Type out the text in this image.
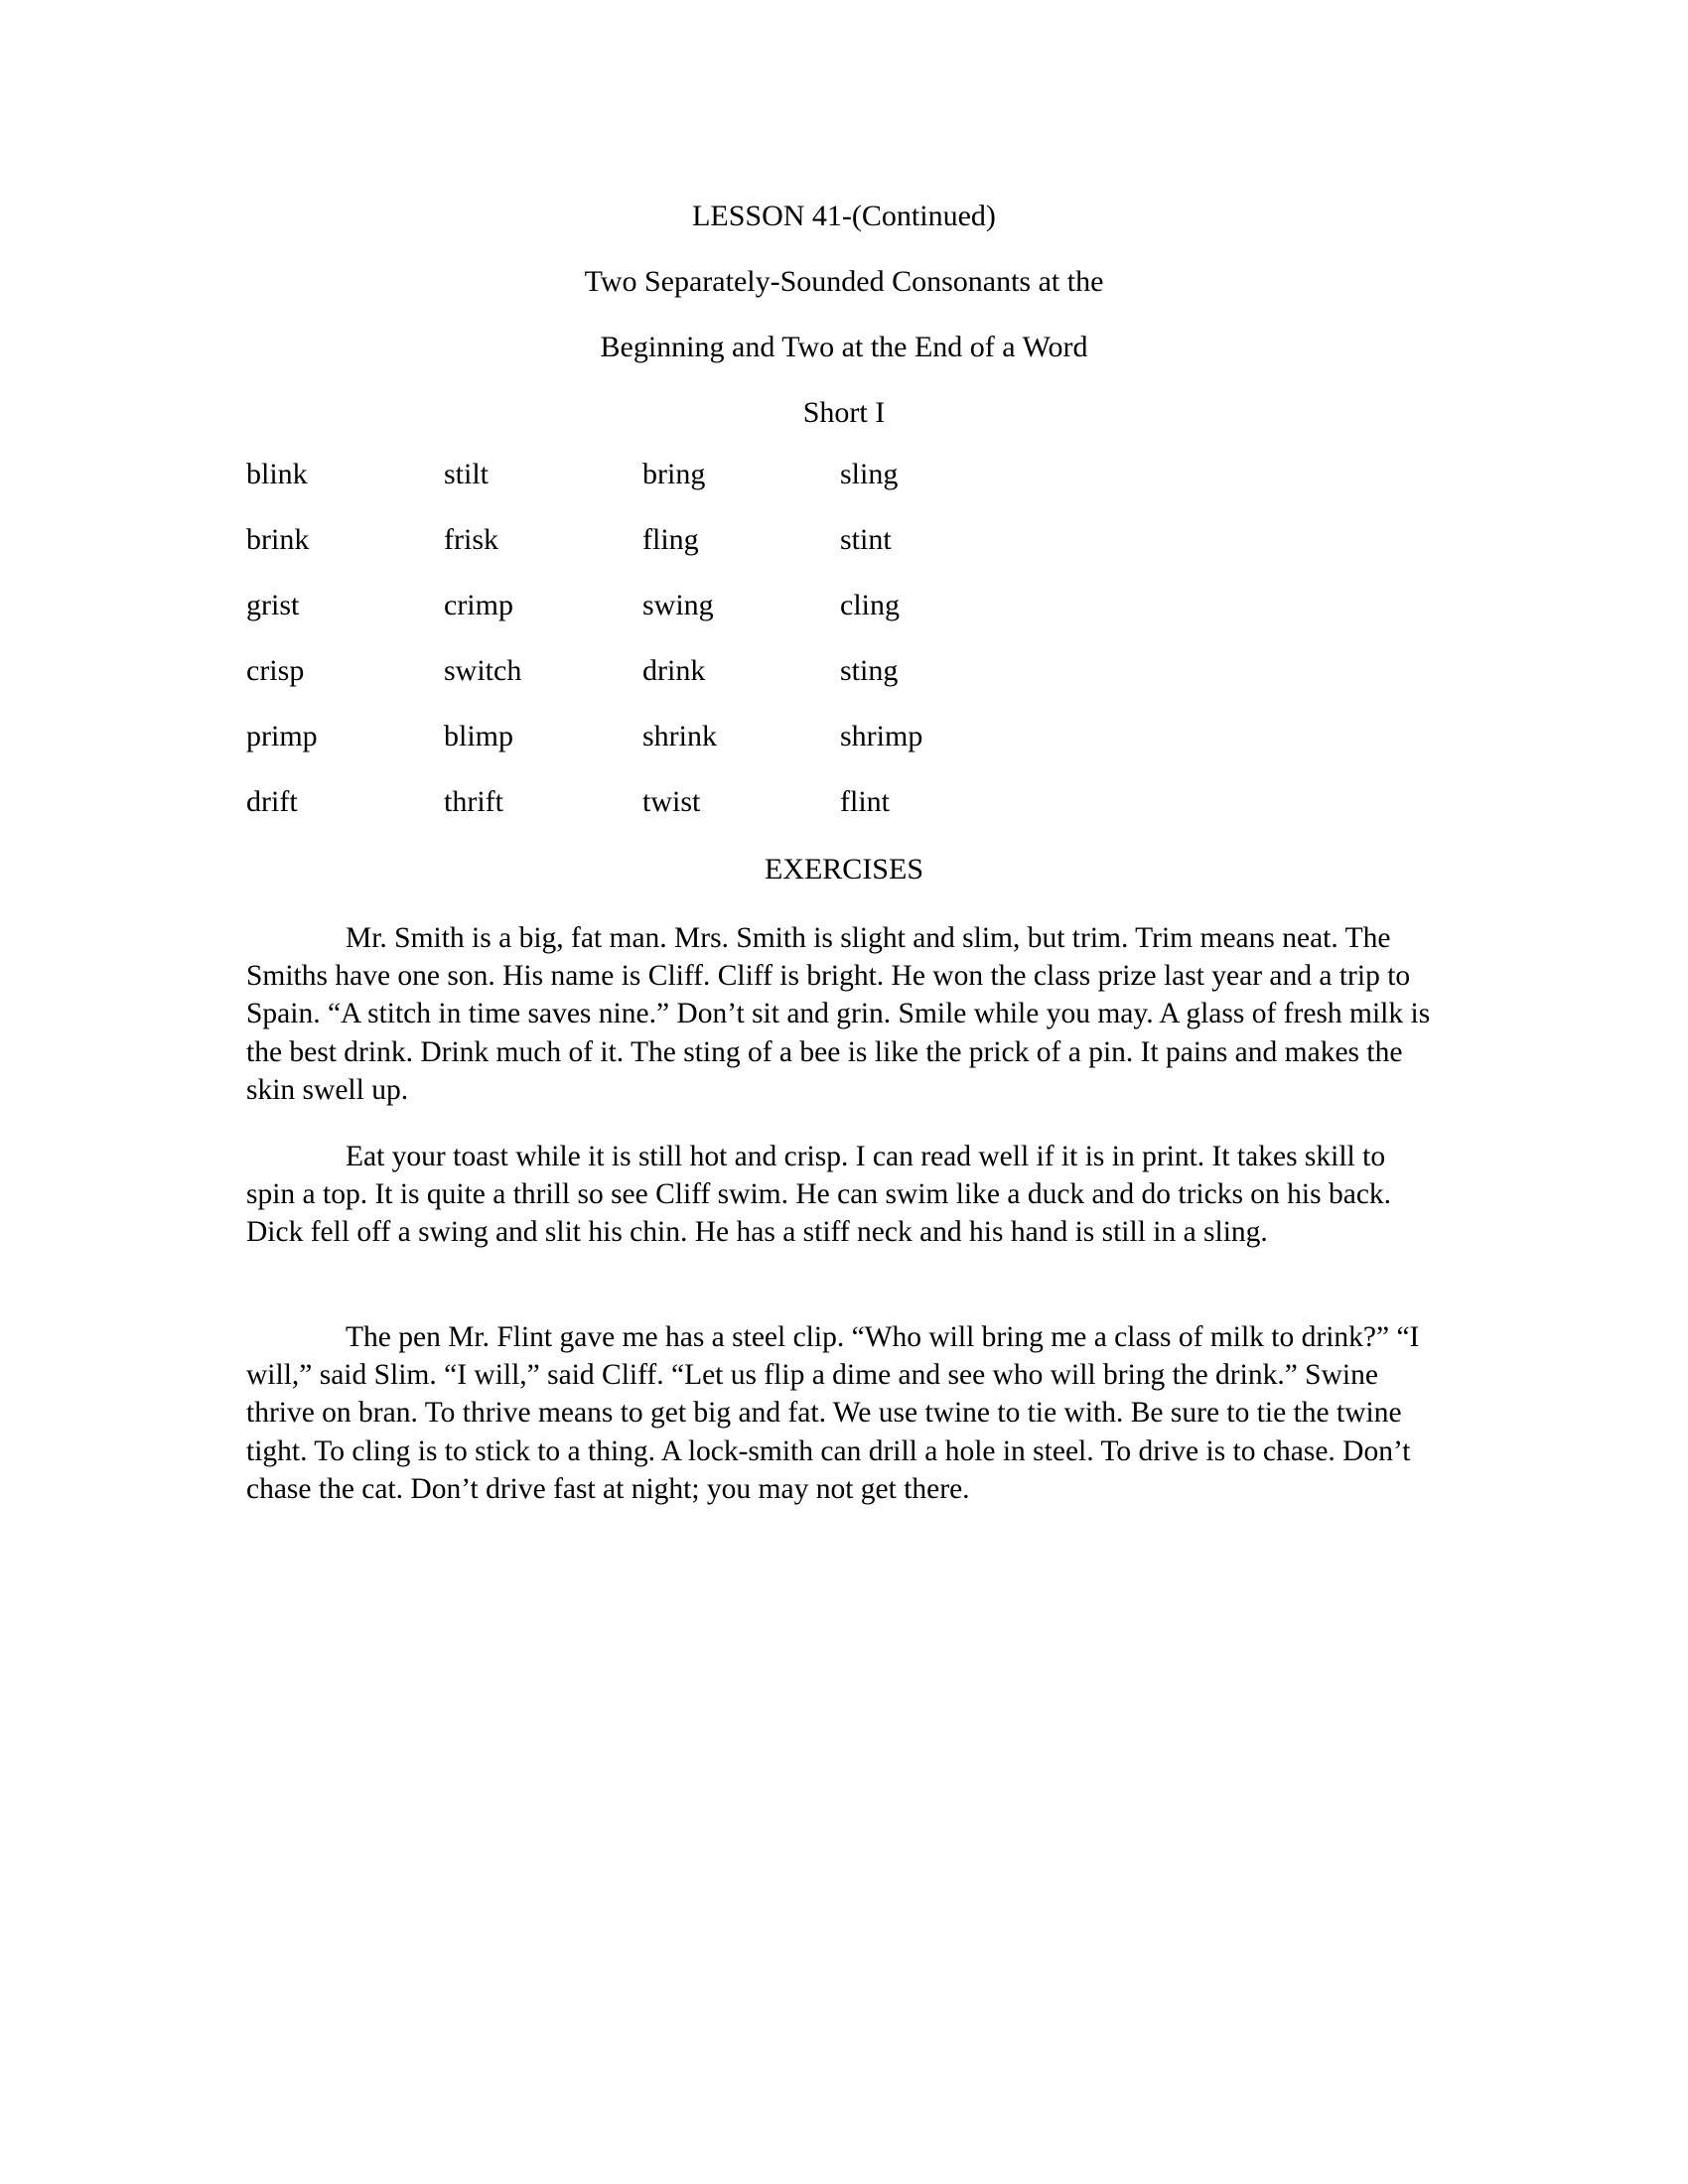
LESSON 41-(Continued)
Two Separately-Sounded Consonants at the
Beginning and Two at the End of a Word
Short I
blink	stilt	bring	sling
brink	frisk	fling	stint
grist	crimp	swing	cling
crisp	switch	drink	sting
primp	blimp	shrink	shrimp
drift	thrift	twist	flint
EXERCISES

Mr. Smith is a big, fat man. Mrs. Smith is slight and slim, but trim. Trim means neat. The Smiths have one son. His name is Cliff. Cliff is bright. He won the class prize last year and a trip to Spain. “A stitch in time saves nine.” Don’t sit and grin. Smile while you may. A glass of fresh milk is the best drink. Drink much of it. The sting of a bee is like the prick of a pin. It pains and makes the skin swell up.

Eat your toast while it is still hot and crisp. I can read well if it is in print. It takes skill to spin a top. It is quite a thrill so see Cliff swim. He can swim like a duck and do tricks on his back. Dick fell off a swing and slit his chin. He has a stiff neck and his hand is still in a sling.

The pen Mr. Flint gave me has a steel clip. “Who will bring me a class of milk to drink?” “I will,” said Slim. “I will,” said Cliff. “Let us flip a dime and see who will bring the drink.” Swine thrive on bran. To thrive means to get big and fat. We use twine to tie with. Be sure to tie the twine tight. To cling is to stick to a thing. A lock-smith can drill a hole in steel. To drive is to chase. Don’t chase the cat. Don’t drive fast at night; you may not get there.
